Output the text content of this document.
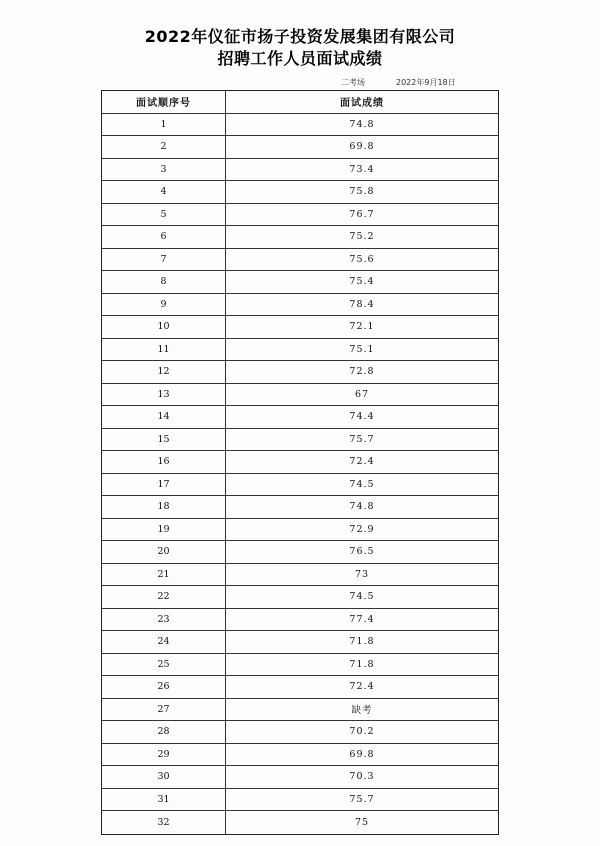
2022年仪征市扬子投资发展集团有限公司
招聘工作人员面试成绩
二考场	2022年9月18日
面试顺序号	面试成绩
1	74.8
2	69.8
3	73.4
4	75.8
5	76.7
6	75.2
7	75.6
8	75.4
9	78.4
10	72.1
11	75.1
12	72.8
13	67
14	74.4
15	75.7
16	72.4
17	74.5
18	74.8
19	72.9
20	76.5
21	73
22	74.5
23	77.4
24	71.8
25	71.8
26	72.4
27	缺考
28	70.2
29	69.8
30	70.3
31	75.7
32	75
